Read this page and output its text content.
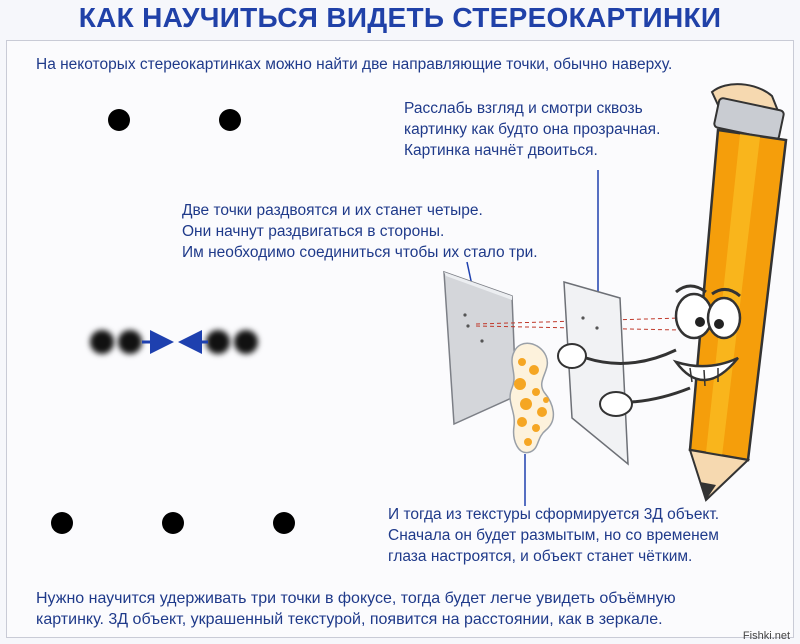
КАК НАУЧИТЬСЯ ВИДЕТЬ СТЕРЕОКАРТИНКИ
На некоторых стереокартинках можно найти две направляющие точки, обычно наверху.
Расслабь взгляд и смотри сквозь
картинку как будто она прозрачная.
Картинка начнёт двоиться.
Две точки раздвоятся и их станет четыре.
Они начнут раздвигаться в стороны.
Им необходимо соединиться чтобы их стало три.
И тогда из текстуры сформируется 3Д объект.
Сначала он будет размытым, но со временем
глаза настроятся, и объект станет чётким.
Нужно научится удерживать три точки в фокусе, тогда будет легче увидеть объёмную
картинку. 3Д объект, украшенный текстурой, появится на расстоянии, как в зеркале.
Fishki.net
